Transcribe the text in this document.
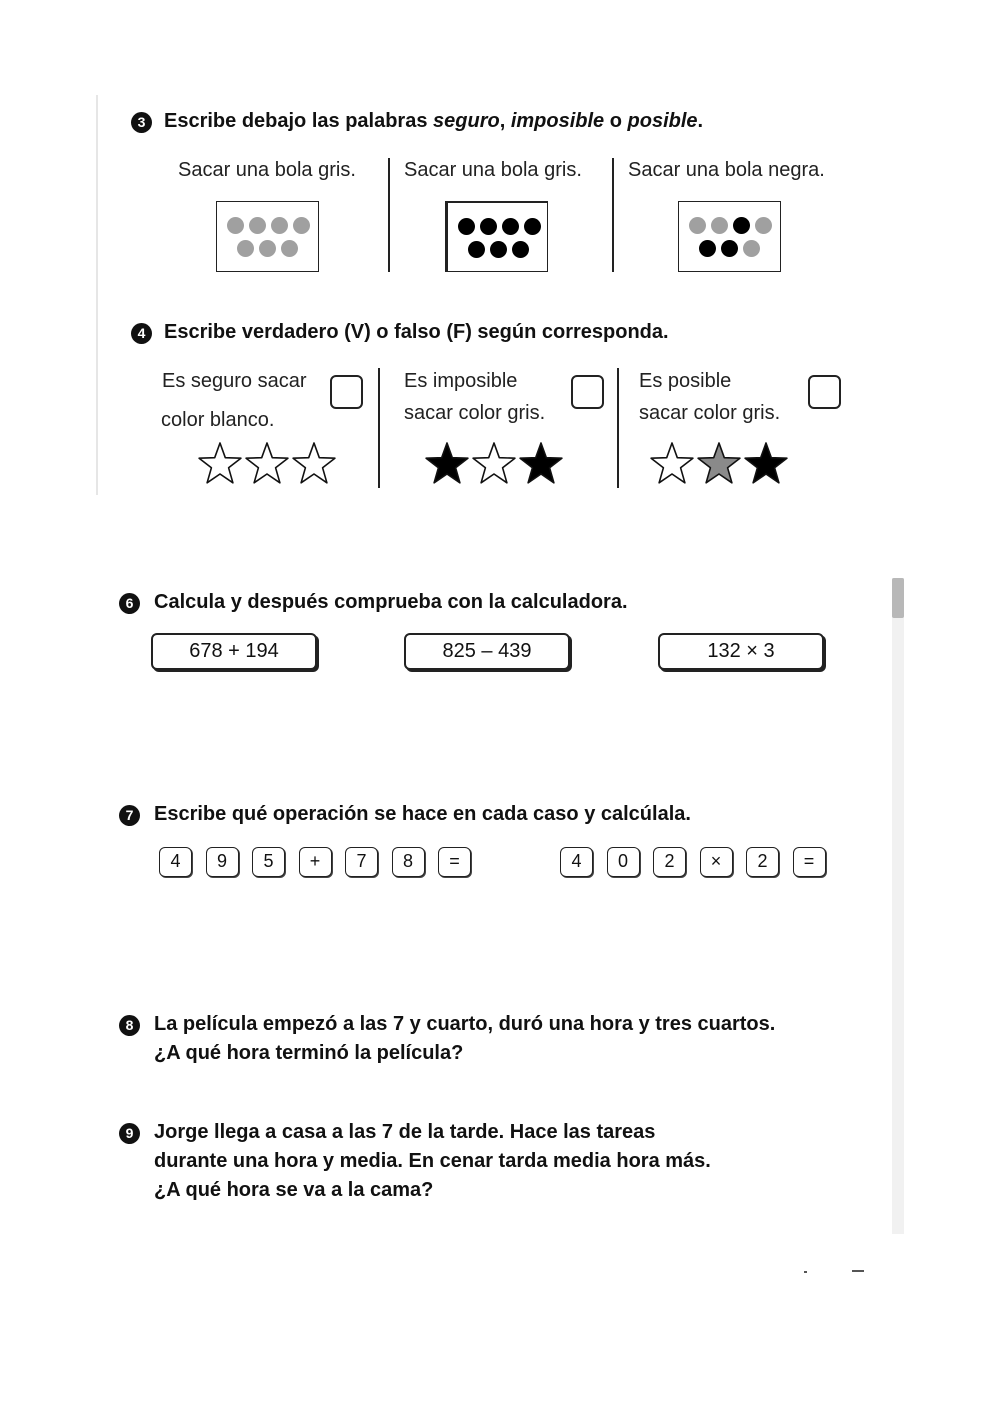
3 Escribe debajo las palabras seguro, imposible o posible.
Sacar una bola gris. Sacar una bola gris. Sacar una bola negra.
4 Escribe verdadero (V) o falso (F) según corresponda.
Es seguro sacar
color blanco.
Es imposible
sacar color gris.
Es posible
sacar color gris.
6	Calcula y después comprueba con la calculadora.
678 + 194	825 – 439	132 × 3
7	Escribe qué operación se hace en cada caso y calcúlala.
4	9	5	+	7	8	=	4	0	2	×	2	=
8	La película empezó a las 7 y cuarto, duró una hora y tres cuartos.
¿A qué hora terminó la película?
9	Jorge llega a casa a las 7 de la tarde. Hace las tareas
durante una hora y media. En cenar tarda media hora más.
¿A qué hora se va a la cama?
